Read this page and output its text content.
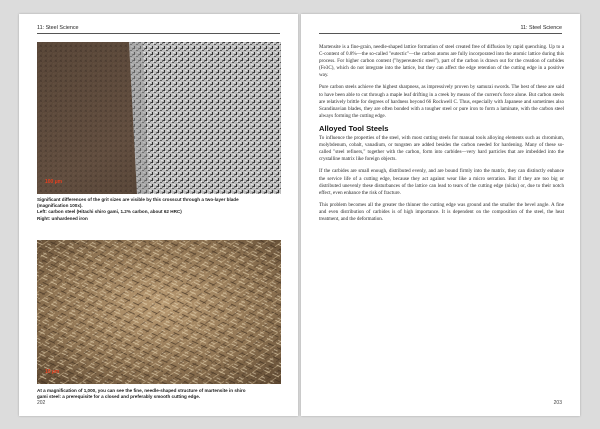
11: Steel Science
100 µm

Significant differences of the grit sizes are visible by this crosscut through a two-layer blade

(magnification 100x).

Left: carbon steel (Hitachi shiro gami, 1.2% carbon, about 62 HRC)

Right: unhardened iron

10 µm

At a magnification of 1,000, you can see the fine, needle-shaped structure of martensite in shiro

gami steel: a prerequisite for a closed and preferably smooth cutting edge.

202
11: Steel Science

Martensite is a fine-grain, needle-shaped lattice formation of steel created free of diffusion by rapid quenching. Up to a C-content of 0.8%—the so-called "eutectic"—the carbon atoms are fully incorporated into the atomic lattice during this process. For higher carbon content ("hypereutectic steel"), part of the carbon is drawn out for the creation of carbides (Fe3C), which do not integrate into the lattice, but they can affect the edge retention of the cutting edge in a positive way.

Pure carbon steels achieve the highest sharpness, as impressively proven by samurai swords. The best of these are said to have been able to cut through a maple leaf drifting in a creek by means of the current's force alone. But carbon steels are relatively brittle for degrees of hardness beyond 66 Rockwell C. Thus, especially with Japanese and sometimes also Scandinavian blades, they are often bonded with a tougher steel or pure iron to form a laminate, with the carbon steel always forming the cutting edge.

Alloyed Tool Steels

To influence the properties of the steel, with most cutting steels for manual tools alloying elements such as chromium, molybdenum, cobalt, vanadium, or tungsten are added besides the carbon needed for hardening. Many of these so-called "steel refiners," together with the carbon, form into carbides—very hard particles that are imbedded into the crystalline matrix like foreign objects.

If the carbides are small enough, distributed evenly, and are bound firmly into the matrix, they can distinctly enhance the service life of a cutting edge, because they act against wear like a micro serration. But if they are too big or distributed unevenly these disturbances of the lattice can lead to tears of the cutting edge (nicks) or, due to their notch effect, even enhance the risk of fracture.

This problem becomes all the greater the thinner the cutting edge was ground and the smaller the bevel angle. A fine and even distribution of carbides is of high importance. It is dependent on the composition of the steel, the heat treatment, and the deformation.

203
